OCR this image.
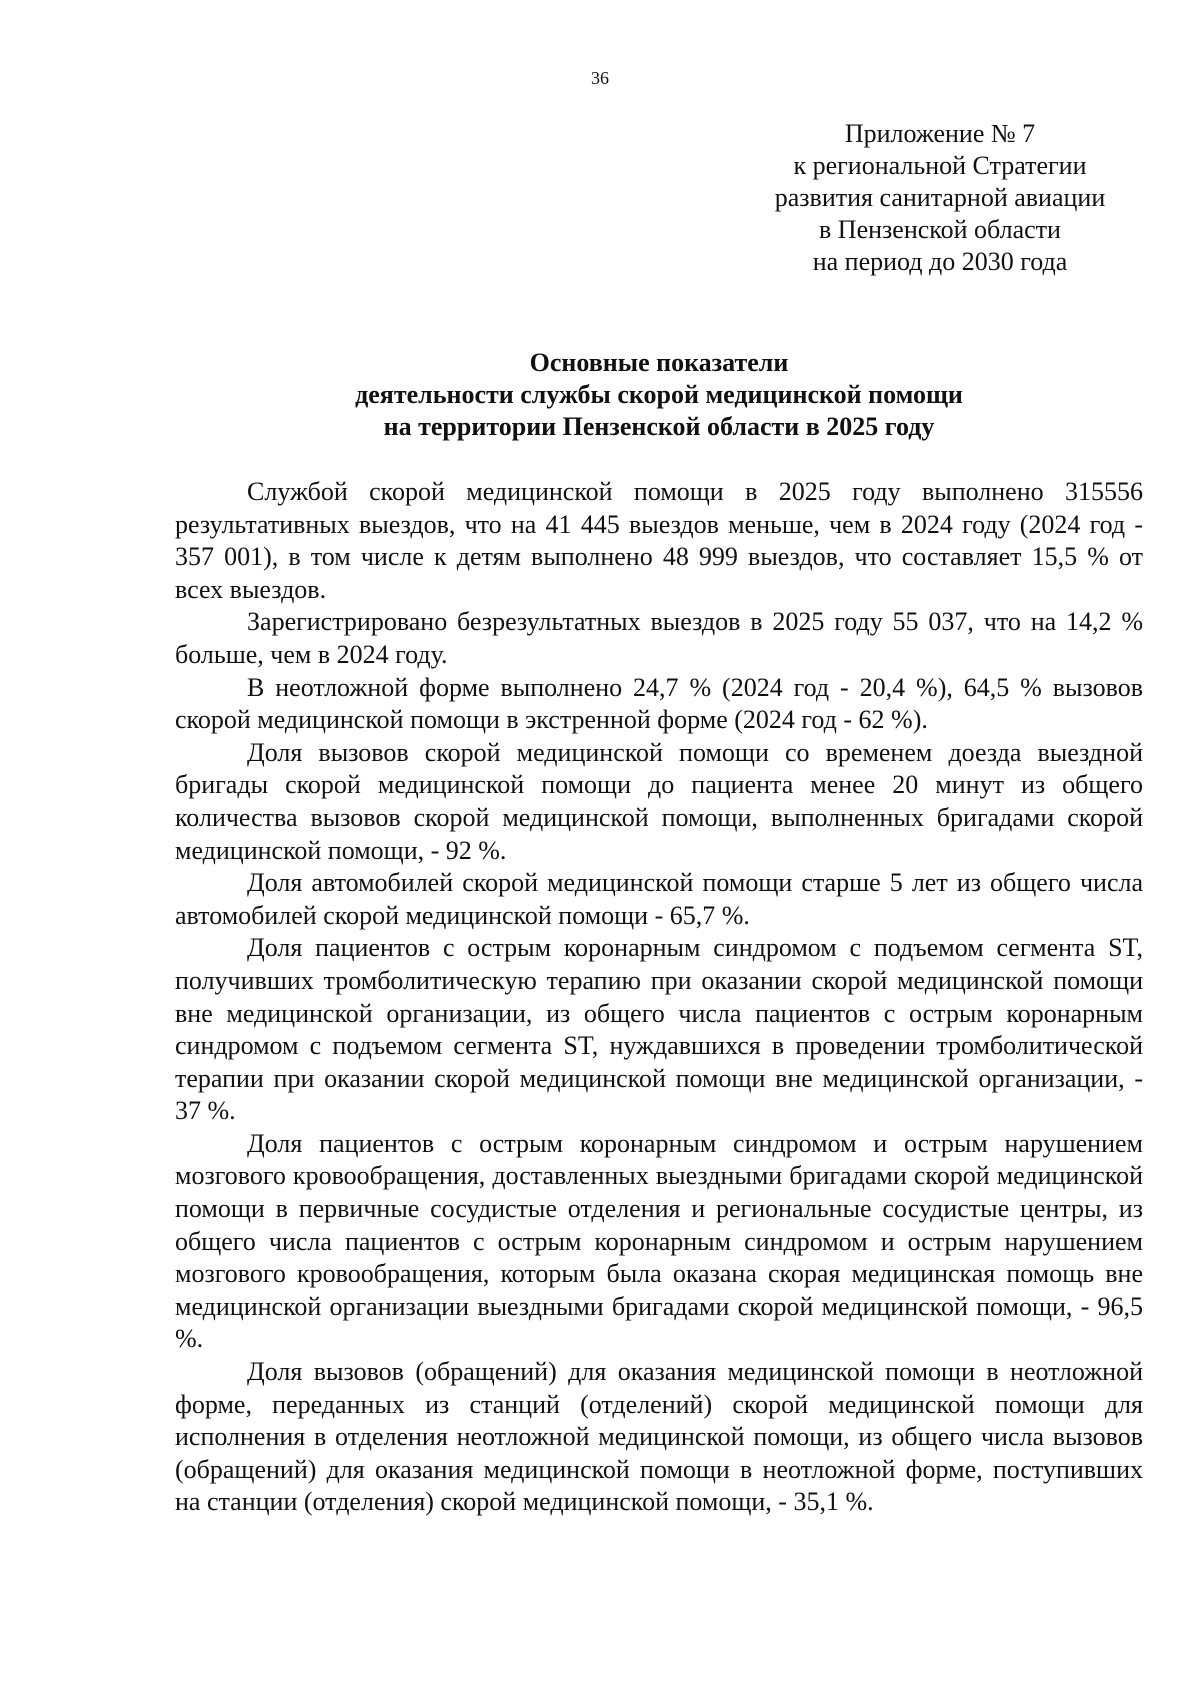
36
Приложение № 7
к региональной Стратегии
развития санитарной авиации
в Пензенской области
на период до 2030 года
Основные показатели
деятельности службы скорой медицинской помощи
на территории Пензенской области в 2025 году

Службой скорой медицинской помощи в 2025 году выполнено 315556 результативных выездов, что на 41 445 выездов меньше, чем в 2024 году (2024 год - 357 001), в том числе к детям выполнено 48 999 выездов, что составляет 15,5 % от всех выездов.

Зарегистрировано безрезультатных выездов в 2025 году 55 037, что на 14,2 % больше, чем в 2024 году.

В неотложной форме выполнено 24,7 % (2024 год - 20,4 %), 64,5 % вызовов скорой медицинской помощи в экстренной форме (2024 год - 62 %).

Доля вызовов скорой медицинской помощи со временем доезда выездной бригады скорой медицинской помощи до пациента менее 20 минут из общего количества вызовов скорой медицинской помощи, выполненных бригадами скорой медицинской помощи, - 92 %.

Доля автомобилей скорой медицинской помощи старше 5 лет из общего числа автомобилей скорой медицинской помощи - 65,7 %.

Доля пациентов с острым коронарным синдромом с подъемом сегмента ST, получивших тромболитическую терапию при оказании скорой медицинской помощи вне медицинской организации, из общего числа пациентов с острым коронарным синдромом с подъемом сегмента ST, нуждавшихся в проведении тромболитической терапии при оказании скорой медицинской помощи вне медицинской организации, - 37 %.

Доля пациентов с острым коронарным синдромом и острым нарушением мозгового кровообращения, доставленных выездными бригадами скорой медицинской помощи в первичные сосудистые отделения и региональные сосудистые центры, из общего числа пациентов с острым коронарным синдромом и острым нарушением мозгового кровообращения, которым была оказана скорая медицинская помощь вне медицинской организации выездными бригадами скорой медицинской помощи, - 96,5 %.

Доля вызовов (обращений) для оказания медицинской помощи в неотложной форме, переданных из станций (отделений) скорой медицинской помощи для исполнения в отделения неотложной медицинской помощи, из общего числа вызовов (обращений) для оказания медицинской помощи в неотложной форме, поступивших на станции (отделения) скорой медицинской помощи, - 35,1 %.
